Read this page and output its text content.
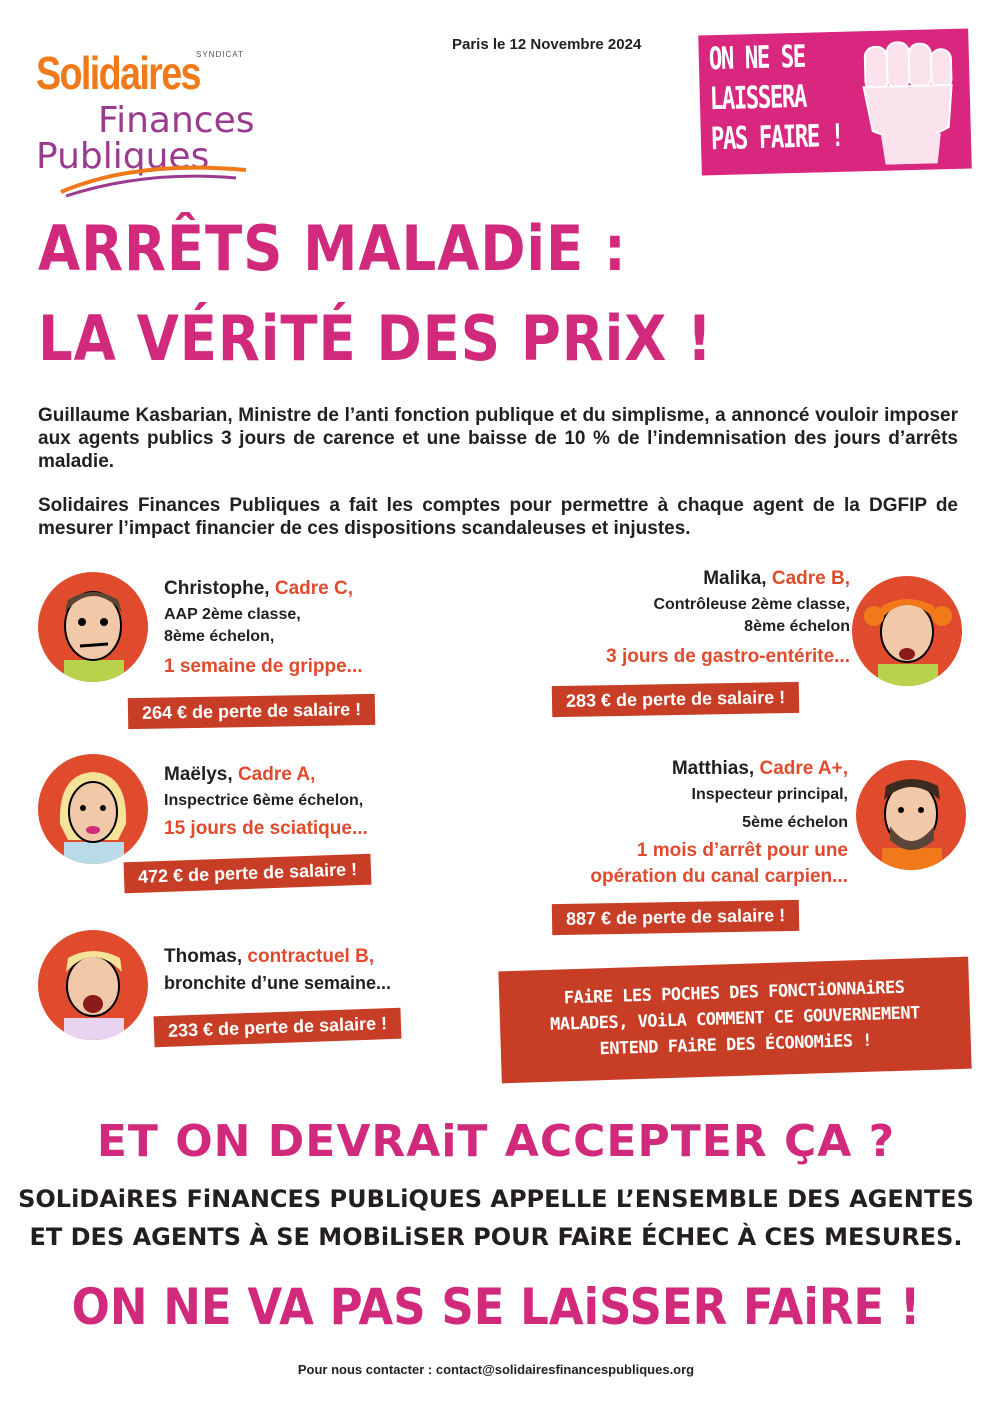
Solidaires
SYNDICAT
Finances
Publiques
Paris le 12 Novembre 2024 ON NE SE
LAISSERA
PAS FAIRE !
ARRÊTS MALADiE :
LA VÉRiTÉ DES PRiX !
Guillaume Kasbarian, Ministre de l’anti fonction publique et du simplisme, a annoncé vouloir imposer aux agents publics 3 jours de carence et une baisse de 10 % de l’indemnisation des jours d’arrêts maladie.
Solidaires Finances Publiques a fait les comptes pour permettre à chaque agent de la DGFIP de mesurer l’impact financier de ces dispositions scandaleuses et injustes.
Christophe, Cadre C,
AAP 2ème classe,
8ème échelon,
1 semaine de grippe...
264 € de perte de salaire !
Malika, Cadre B,
Contrôleuse 2ème classe,
8ème échelon
3 jours de gastro-entérite...
283 € de perte de salaire !
Maëlys, Cadre A,
Inspectrice 6ème échelon,
15 jours de sciatique...
472 € de perte de salaire !
Matthias, Cadre A+,
Inspecteur principal,
5ème échelon
1 mois d’arrêt pour une
opération du canal carpien...
887 € de perte de salaire !
Thomas, contractuel B,
bronchite d’une semaine...
233 € de perte de salaire !
FAiRE LES POCHES DES FONCTiONNAiRES
MALADES, VOiLA COMMENT CE GOUVERNEMENT
ENTEND FAiRE DES ÉCONOMiES !
ET ON DEVRAiT ACCEPTER ÇA ?
SOLiDAiRES FiNANCES PUBLiQUES APPELLE L’ENSEMBLE DES AGENTES
ET DES AGENTS À SE MOBiLiSER POUR FAiRE ÉCHEC À CES MESURES.
ON NE VA PAS SE LAiSSER FAiRE !
Pour nous contacter : contact@solidairesfinancespubliques.org
